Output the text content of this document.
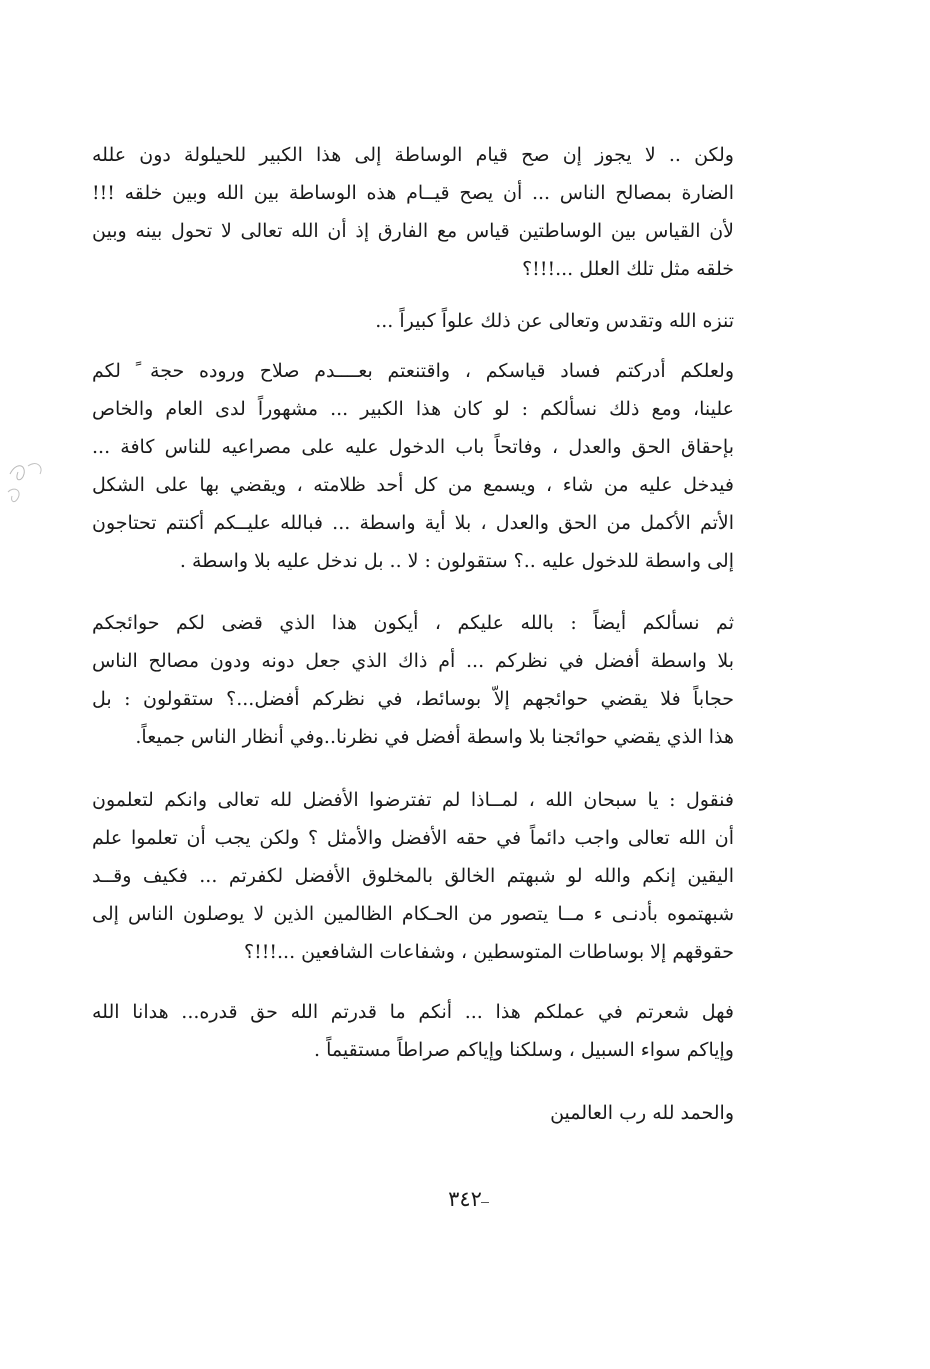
ولكن .. لا يجوز إن صح قيام الوساطة إلى هذا الكبير للحيلولة دون علله
الضارة بمصالح الناس ... أن يصح قيــام هذه الوساطة بين الله وبين خلقه !!!
لأن القياس بين الوساطتين قياس مع الفارق إذ أن الله تعالى لا تحول بينه وبين
خلقه مثل تلك العلل ...!!!؟
تنزه الله وتقدس وتعالى عن ذلك علواً كبيراً ...
ولعلكم أدركتم فساد قياسكم ، واقتنعتم بعــــدم صلاح وروده حجة ً لكم
علينا، ومع ذلك نسألكم : لو كان هذا الكبير ... مشهوراً لدى العام والخاص
بإحقاق الحق والعدل ، وفاتحاً باب الدخول عليه على مصراعيه للناس كافة ...
فيدخل عليه من شاء ، ويسمع من كل أحد ظلامته ، ويقضي بها على الشكل
الأتم الأكمل من الحق والعدل ، بلا أية واسطة ... فبالله عليــكم أكنتم تحتاجون
إلى واسطة للدخول عليه ..؟ ستقولون : لا .. بل ندخل عليه بلا واسطة .
ثم نسألكم أيضاً : بالله عليكم ، أيكون هذا الذي قضى لكم حوائجكم
بلا واسطة أفضل في نظركم ... أم ذاك الذي جعل دونه ودون مصالح الناس
حجاباً فلا يقضي حوائجهم إلاّ بوسائط، في نظركم أفضل...؟ ستقولون : بل
هذا الذي يقضي حوائجنا بلا واسطة أفضل في نظرنا..وفي أنظار الناس جميعاً.
فنقول : يا سبحان الله ، لمــاذا لم تفترضوا الأفضل لله تعالى وانكم لتعلمون
أن الله تعالى واجب دائماً في حقه الأفضل والأمثل ؟ ولكن يجب أن تعلموا علم
اليقين إنكم والله لو شبهتم الخالق بالمخلوق الأفضل لكفرتم ... فكيف وقــد
شبهتموه بأدنـى ء مــا يتصور من الحـكام الظالمين الذين لا يوصلون الناس إلى
حقوقهم إلا بوساطات المتوسطين ، وشفاعات الشافعين ...!!!؟
فهل شعرتم في عملكم هذا ... أنكم ما قدرتم الله حق قدره... هدانا الله
وإياكم سواء السبيل ، وسلكنا وإياكم صراطاً مستقيماً .
والحمد لله رب العالمين
٣٤٢
